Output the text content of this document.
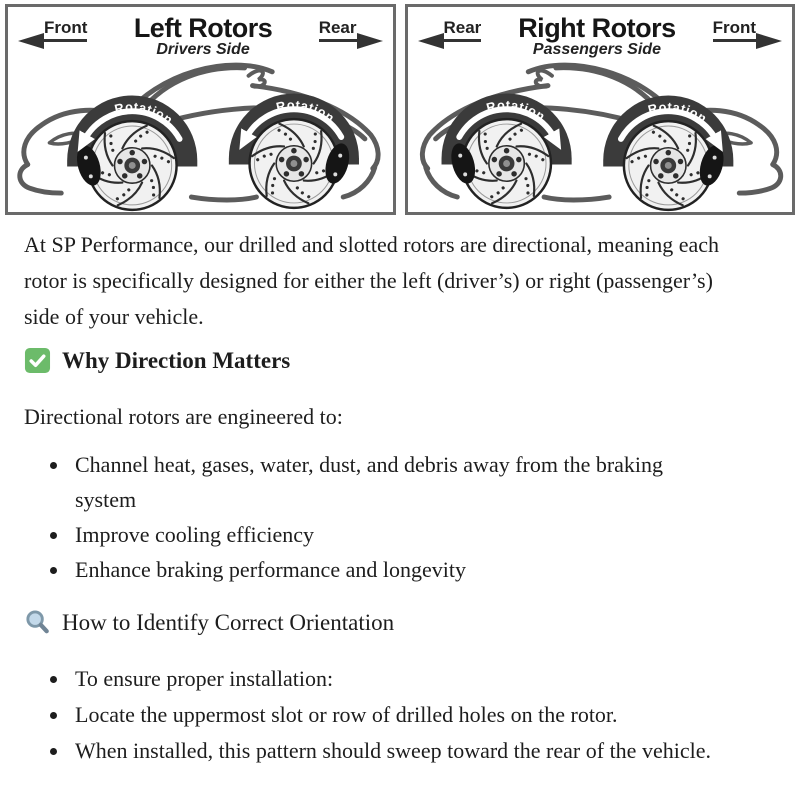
Front	Left Rotors
Drivers Side
Rear
Rotation
Rotation
Rear	Right Rotors
Passengers Side
Front
Rotation	Rotation

At SP Performance, our drilled and slotted rotors are directional, meaning each rotor is specifically designed for either the left (driver’s) or right (passenger’s) side of your vehicle.

Why Direction Matters

Directional rotors are engineered to:

• Channel heat, gases, water, dust, and debris away from the braking system
• Improve cooling efficiency
• Enhance braking performance and longevity
How to Identify Correct Orientation
• To ensure proper installation:
• Locate the uppermost slot or row of drilled holes on the rotor.
• When installed, this pattern should sweep toward the rear of the vehicle.
